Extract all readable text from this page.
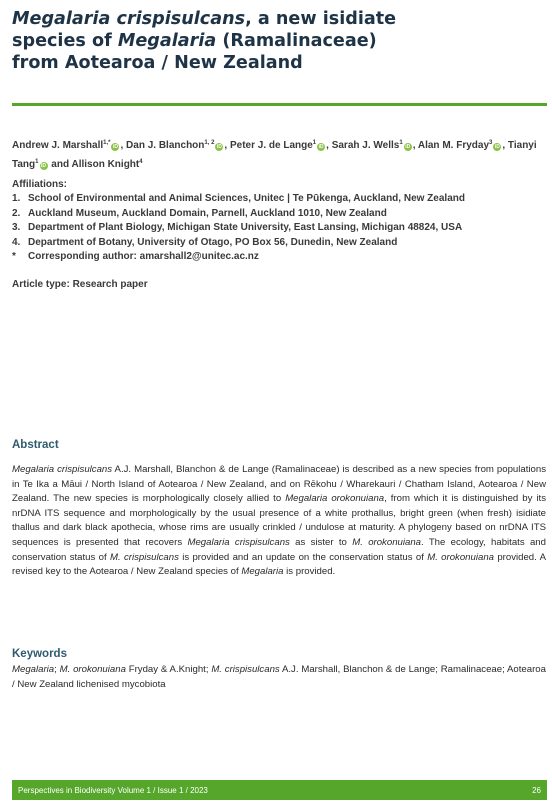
Megalaria crispisulcans, a new isidiate species of Megalaria (Ramalinaceae) from Aotearoa / New Zealand
Andrew J. Marshall$^{1,*}$iD , Dan J. Blanchon$^{1, 2}$iD , Peter J. de Lange$^1$iD , Sarah J. Wells$^1$iD , Alan M. Fryday$^3$iD , Tianyi Tang$^1$iD and Allison Knight$^4$
Affiliations:
1. School of Environmental and Animal Sciences, Unitec | Te Pūkenga, Auckland, New Zealand
2. Auckland Museum, Auckland Domain, Parnell, Auckland 1010, New Zealand
3. Department of Plant Biology, Michigan State University, East Lansing, Michigan 48824, USA
4. Department of Botany, University of Otago, PO Box 56, Dunedin, New Zealand
*	Corresponding author: amarshall2@unitec.ac.nz
Article type: Research paper
Abstract
Megalaria crispisulcans A.J. Marshall, Blanchon & de Lange (Ramalinaceae) is described as a new species from populations in Te Ika a Māui / North Island of Aotearoa / New Zealand, and on Rēkohu / Wharekauri / Chatham Island, Aotearoa / New Zealand. The new species is morphologically closely allied to Megalaria orokonuiana, from which it is distinguished by its nrDNA ITS sequence and morphologically by the usual presence of a white prothallus, bright green (when fresh) isidiate thallus and dark black apothecia, whose rims are usually crinkled / undulose at maturity. A phylogeny based on nrDNA ITS sequences is presented that recovers Megalaria crispisulcans as sister to M. orokonuiana. The ecology, habitats and conservation status of M. crispisulcans is provided and an update on the conservation status of M. orokonuiana provided. A revised key to the Aotearoa / New Zealand species of Megalaria is provided.
Keywords
Megalaria; M. orokonuiana Fryday & A.Knight; M. crispisulcans A.J. Marshall, Blanchon & de Lange; Ramalinaceae; Aotearoa / New Zealand lichenised mycobiota
Perspectives in Biodiversity Volume 1 / Issue 1 / 2023	26
